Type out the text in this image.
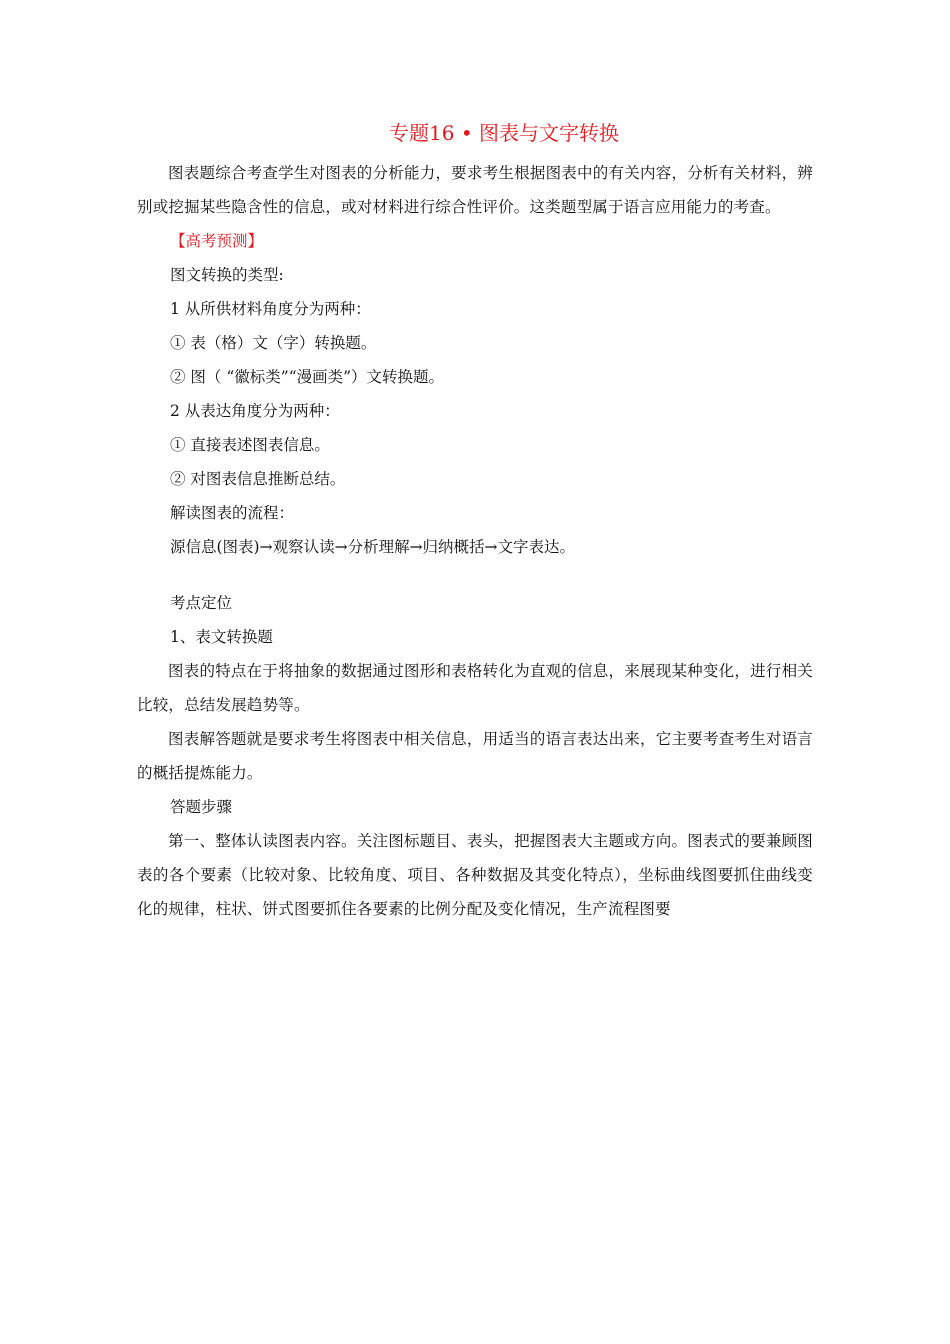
专题16 • 图表与文字转换

图表题综合考查学生对图表的分析能力，要求考生根据图表中的有关内容，分析有关材料，辨别或挖掘某些隐含性的信息，或对材料进行综合性评价。这类题型属于语言应用能力的考查。

【高考预测】

图文转换的类型:

1 从所供材料角度分为两种：

① 表（格）文（字）转换题。

② 图（ “徽标类”“漫画类”）文转换题。

2 从表达角度分为两种：

① 直接表述图表信息。

② 对图表信息推断总结。

解读图表的流程：

源信息(图表)→观察认读→分析理解→归纳概括→文字表达。

考点定位

1、表文转换题

图表的特点在于将抽象的数据通过图形和表格转化为直观的信息，来展现某种变化，进行相关比较，总结发展趋势等。

图表解答题就是要求考生将图表中相关信息，用适当的语言表达出来，它主要考查考生对语言的概括提炼能力。

答题步骤

第一、整体认读图表内容。关注图标题目、表头，把握图表大主题或方向。图表式的要兼顾图表的各个要素（比较对象、比较角度、项目、各种数据及其变化特点），坐标曲线图要抓住曲线变化的规律，柱状、饼式图要抓住各要素的比例分配及变化情况，生产流程图要
